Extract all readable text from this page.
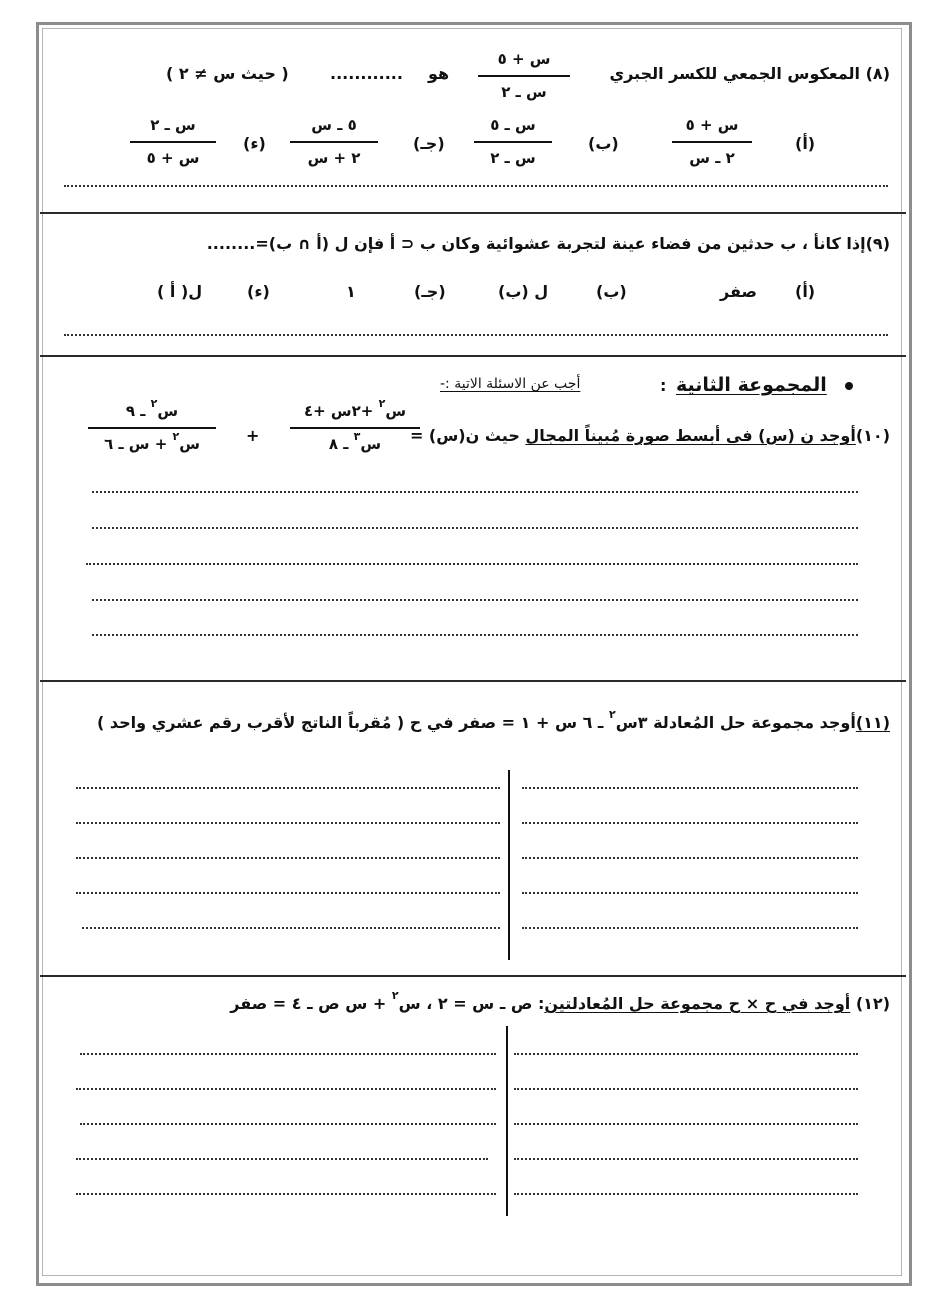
(٨) المعكوس الجمعي للكسر الجبري
س + ٥
س ـ ٢
هو
............
( حيث س ≠ ٢ )
(أ)
س + ٥
٢ ـ س
(ب)
س ـ ٥
س ـ ٢
(جـ)
٥ ـ س
٢ + س
(ء)
س ـ ٢
س + ٥
(٩)إذا كانأ ، ب حدثين من فضاء عينة لتجربة عشوائية وكان ب ⊂ أ فإن ل (أ ∩ ب)=........
(أ)
صفر
(ب)
ل (ب)
(جـ)
١
(ء)
ل( أ )
المجموعة الثانية
:
أجب عن الاسئلة الاتية :-
(١٠)أوجد ن (س) فى أبسط صورة مُبيناً المجال حيث ن(س) =
س$^٢$ +٢س +٤
س$^٣$ ـ ٨
+
س$^٢$ ـ ٩
س$^٢$ + س ـ ٦
(١١)أوجد مجموعة حل المُعادلة ٣س$^٢$ ـ ٦ س + ١ = صفر في ح ( مُقرباً الناتج لأقرب رقم عشري واحد )
(١٢) أوجد في ح × ح مجموعة حل المُعادلتين: ص ـ س = ٢ ، س$^٢$ + س ص ـ ٤ = صفر
